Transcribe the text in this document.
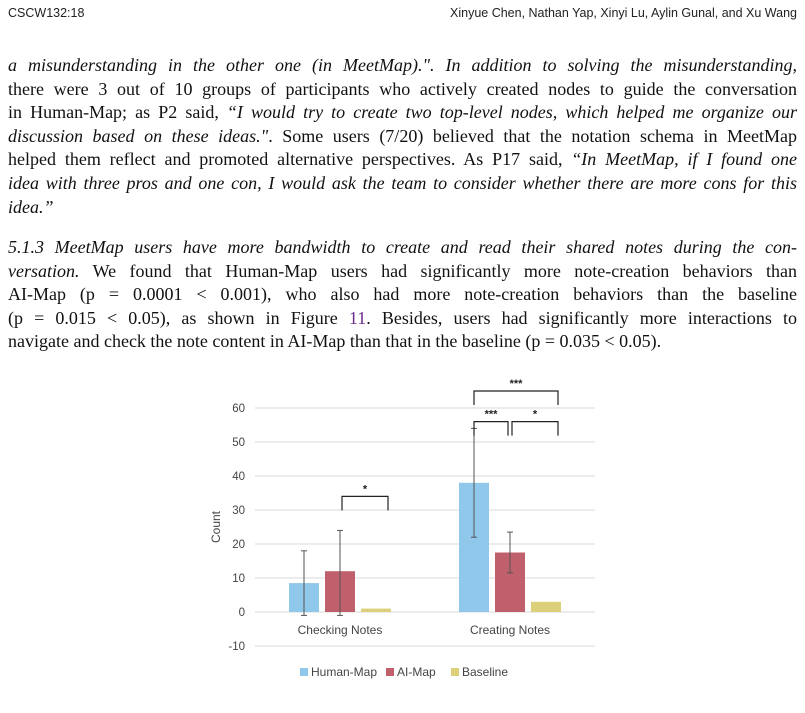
CSCW132:18	Xinyue Chen, Nathan Yap, Xinyi Lu, Aylin Gunal, and Xu Wang
a misunderstanding in the other one (in MeetMap).". In addition to solving the misunderstanding,
there were 3 out of 10 groups of participants who actively created nodes to guide the conversation
in Human-Map; as P2 said, “I would try to create two top-level nodes, which helped me organize our
discussion based on these ideas.". Some users (7/20) believed that the notation schema in MeetMap
helped them reflect and promoted alternative perspectives. As P17 said, “In MeetMap, if I found one
idea with three pros and one con, I would ask the team to consider whether there are more cons for this
idea.”
5.1.3 MeetMap users have more bandwidth to create and read their shared notes during the con-
versation. We found that Human-Map users had significantly more note-creation behaviors than
AI-Map (p = 0.0001 < 0.001), who also had more note-creation behaviors than the baseline
(p = 0.015 < 0.05), as shown in Figure 11. Besides, users had significantly more interactions to
navigate and check the note content in AI-Map than that in the baseline (p = 0.035 < 0.05).
-10
0
10
20
30
40
50
60
Count
Checking Notes	Creating Notes
*
***	*
***
Human-Map AI-Map Baseline
